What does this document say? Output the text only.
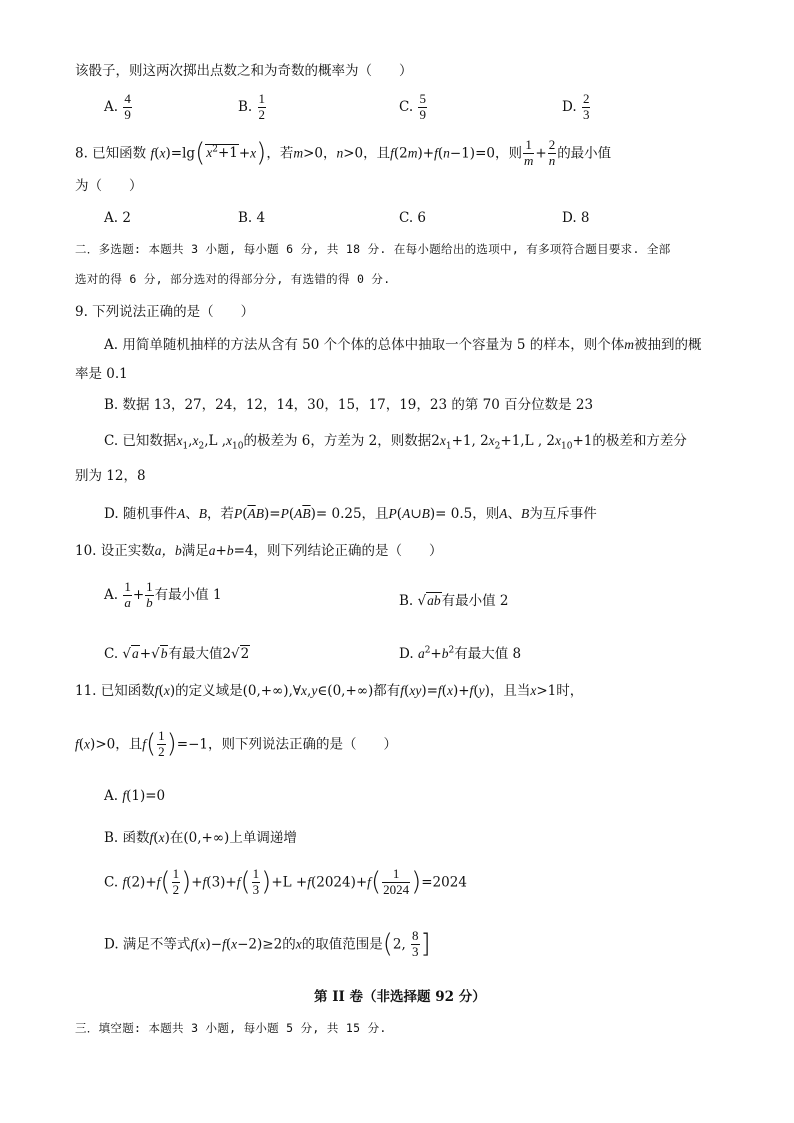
该骰子，则这两次掷出点数之和为奇数的概率为（　　）
A. $\frac{4}{9}$	B. $\frac{1}{2}$	C. $\frac{5}{9}$	D. $\frac{2}{3}$
8. 已知函数 $f(x)=\lg(x^2+1+x)$，若m>0，n>0，且f(2m)+f(n−1)=0，则 $\frac{1}{m} + \frac{2}{n}$ 的最小值
为（　　）
A. 2	B. 4	C. 6	D. 8
二．多选题: 本题共 3 小题, 每小题 6 分, 共 18 分. 在每小题给出的选项中, 有多项符合题目要求. 全部
选对的得 6 分, 部分选对的得部分分, 有选错的得 0 分.
9. 下列说法正确的是（　　）
A. 用简单随机抽样的方法从含有 50 个个体的总体中抽取一个容量为 5 的样本，则个体m被抽到的概
率是 0.1
B. 数据 13，27，24，12，14，30，15，17，19，23 的第 70 百分位数是 23
C. 已知数据$x_1,x_2,L$ $,x_{10}$的极差为 6，方差为 2，则数据$2x_1+1$, $2x_2+1,L$ , $2x_{10}+1$的极差和方差分
别为 12，8
D. 随机事件A、B，若$P(\overline{A}B)=P(A\overline{B})= 0.25$，且P(A∪B)= 0.5，则A、B为互斥事件
10. 设正实数a，b满足a+b=4，则下列结论正确的是（　　）
A. $\frac{1}{a} + \frac{1}{b}$ 有最小值 1	B. √ab有最小值 2
C. √a+√b有最大值2√2	D. $a^2+b^2$有最大值 8
11. 已知函数f(x)的定义域是(0,+∞),∀x,y∈(0,+∞)都有f(xy)=f(x)+f(y)，且当x>1时，
f(x)>0，且$f( \frac{1}{2} )=-1$，则下列说法正确的是（　　）
A. f(1)=0
B. 函数f(x)在(0,+∞)上单调递增
C. $f(2)+f( \frac{1}{2} )+f(3)+f( \frac{1}{3} )+L +f(2024)+f( \frac{1}{2024} )=2024$
D. 满足不等式f(x)−f(x−2)≥2的x的取值范围是(2, $\frac{8}{3}$ ]
第 II 卷（非选择题 92 分）
三．填空题: 本题共 3 小题, 每小题 5 分, 共 15 分.
